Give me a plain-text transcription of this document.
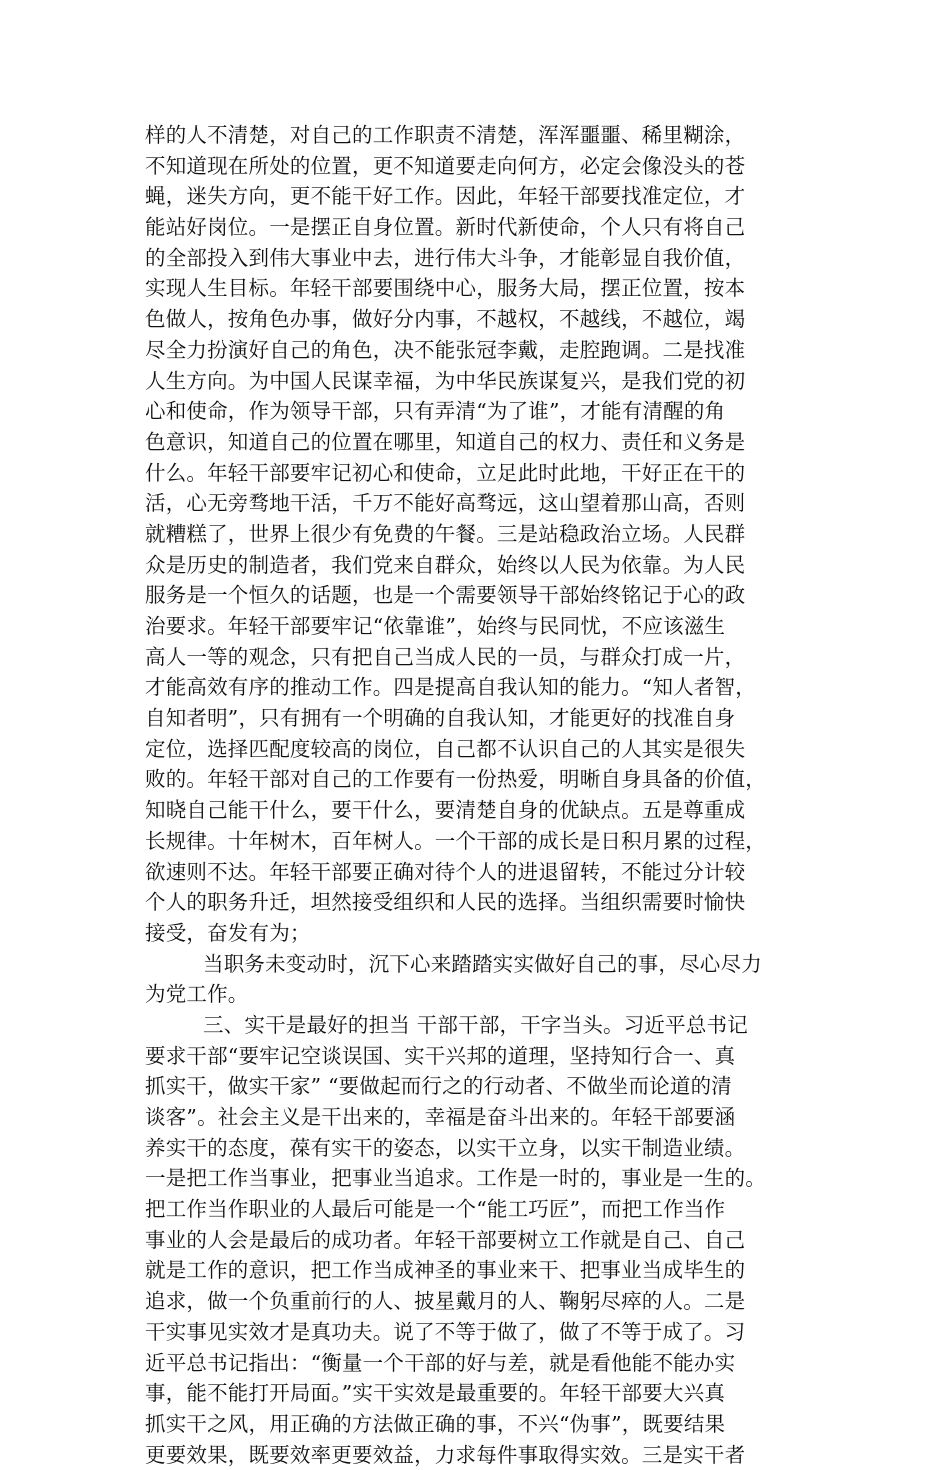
样的人不清楚，对自己的工作职责不清楚，浑浑噩噩、稀里糊涂，
不知道现在所处的位置，更不知道要走向何方，必定会像没头的苍
蝇，迷失方向，更不能干好工作。因此，年轻干部要找准定位，才
能站好岗位。一是摆正自身位置。新时代新使命，个人只有将自己
的全部投入到伟大事业中去，进行伟大斗争，才能彰显自我价值，
实现人生目标。年轻干部要围绕中心，服务大局，摆正位置，按本
色做人，按角色办事，做好分内事，不越权，不越线，不越位，竭
尽全力扮演好自己的角色，决不能张冠李戴，走腔跑调。二是找准
人生方向。为中国人民谋幸福，为中华民族谋复兴，是我们党的初
心和使命，作为领导干部，只有弄清“为了谁”，才能有清醒的角
色意识，知道自己的位置在哪里，知道自己的权力、责任和义务是
什么。年轻干部要牢记初心和使命，立足此时此地，干好正在干的
活，心无旁骛地干活，千万不能好高骛远，这山望着那山高，否则
就糟糕了，世界上很少有免费的午餐。三是站稳政治立场。人民群
众是历史的制造者，我们党来自群众，始终以人民为依靠。为人民
服务是一个恒久的话题，也是一个需要领导干部始终铭记于心的政
治要求。年轻干部要牢记“依靠谁”，始终与民同忧，不应该滋生
高人一等的观念，只有把自己当成人民的一员，与群众打成一片，
才能高效有序的推动工作。四是提高自我认知的能力。“知人者智，
自知者明”，只有拥有一个明确的自我认知，才能更好的找准自身
定位，选择匹配度较高的岗位，自己都不认识自己的人其实是很失
败的。年轻干部对自己的工作要有一份热爱，明晰自身具备的价值，
知晓自己能干什么，要干什么，要清楚自身的优缺点。五是尊重成
长规律。十年树木，百年树人。一个干部的成长是日积月累的过程，
欲速则不达。年轻干部要正确对待个人的进退留转，不能过分计较
个人的职务升迁，坦然接受组织和人民的选择。当组织需要时愉快
接受，奋发有为；
当职务未变动时，沉下心来踏踏实实做好自己的事，尽心尽力
为党工作。
三、实干是最好的担当 干部干部，干字当头。习近平总书记
要求干部“要牢记空谈误国、实干兴邦的道理，坚持知行合一、真
抓实干，做实干家” “要做起而行之的行动者、不做坐而论道的清
谈客”。社会主义是干出来的，幸福是奋斗出来的。年轻干部要涵
养实干的态度，葆有实干的姿态，以实干立身，以实干制造业绩。
一是把工作当事业，把事业当追求。工作是一时的，事业是一生的。
把工作当作职业的人最后可能是一个“能工巧匠”，而把工作当作
事业的人会是最后的成功者。年轻干部要树立工作就是自己、自己
就是工作的意识，把工作当成神圣的事业来干、把事业当成毕生的
追求，做一个负重前行的人、披星戴月的人、鞠躬尽瘁的人。二是
干实事见实效才是真功夫。说了不等于做了，做了不等于成了。习
近平总书记指出：“衡量一个干部的好与差，就是看他能不能办实
事，能不能打开局面。”实干实效是最重要的。年轻干部要大兴真
抓实干之风，用正确的方法做正确的事，不兴“伪事”，既要结果
更要效果，既要效率更要效益，力求每件事取得实效。三是实干者
